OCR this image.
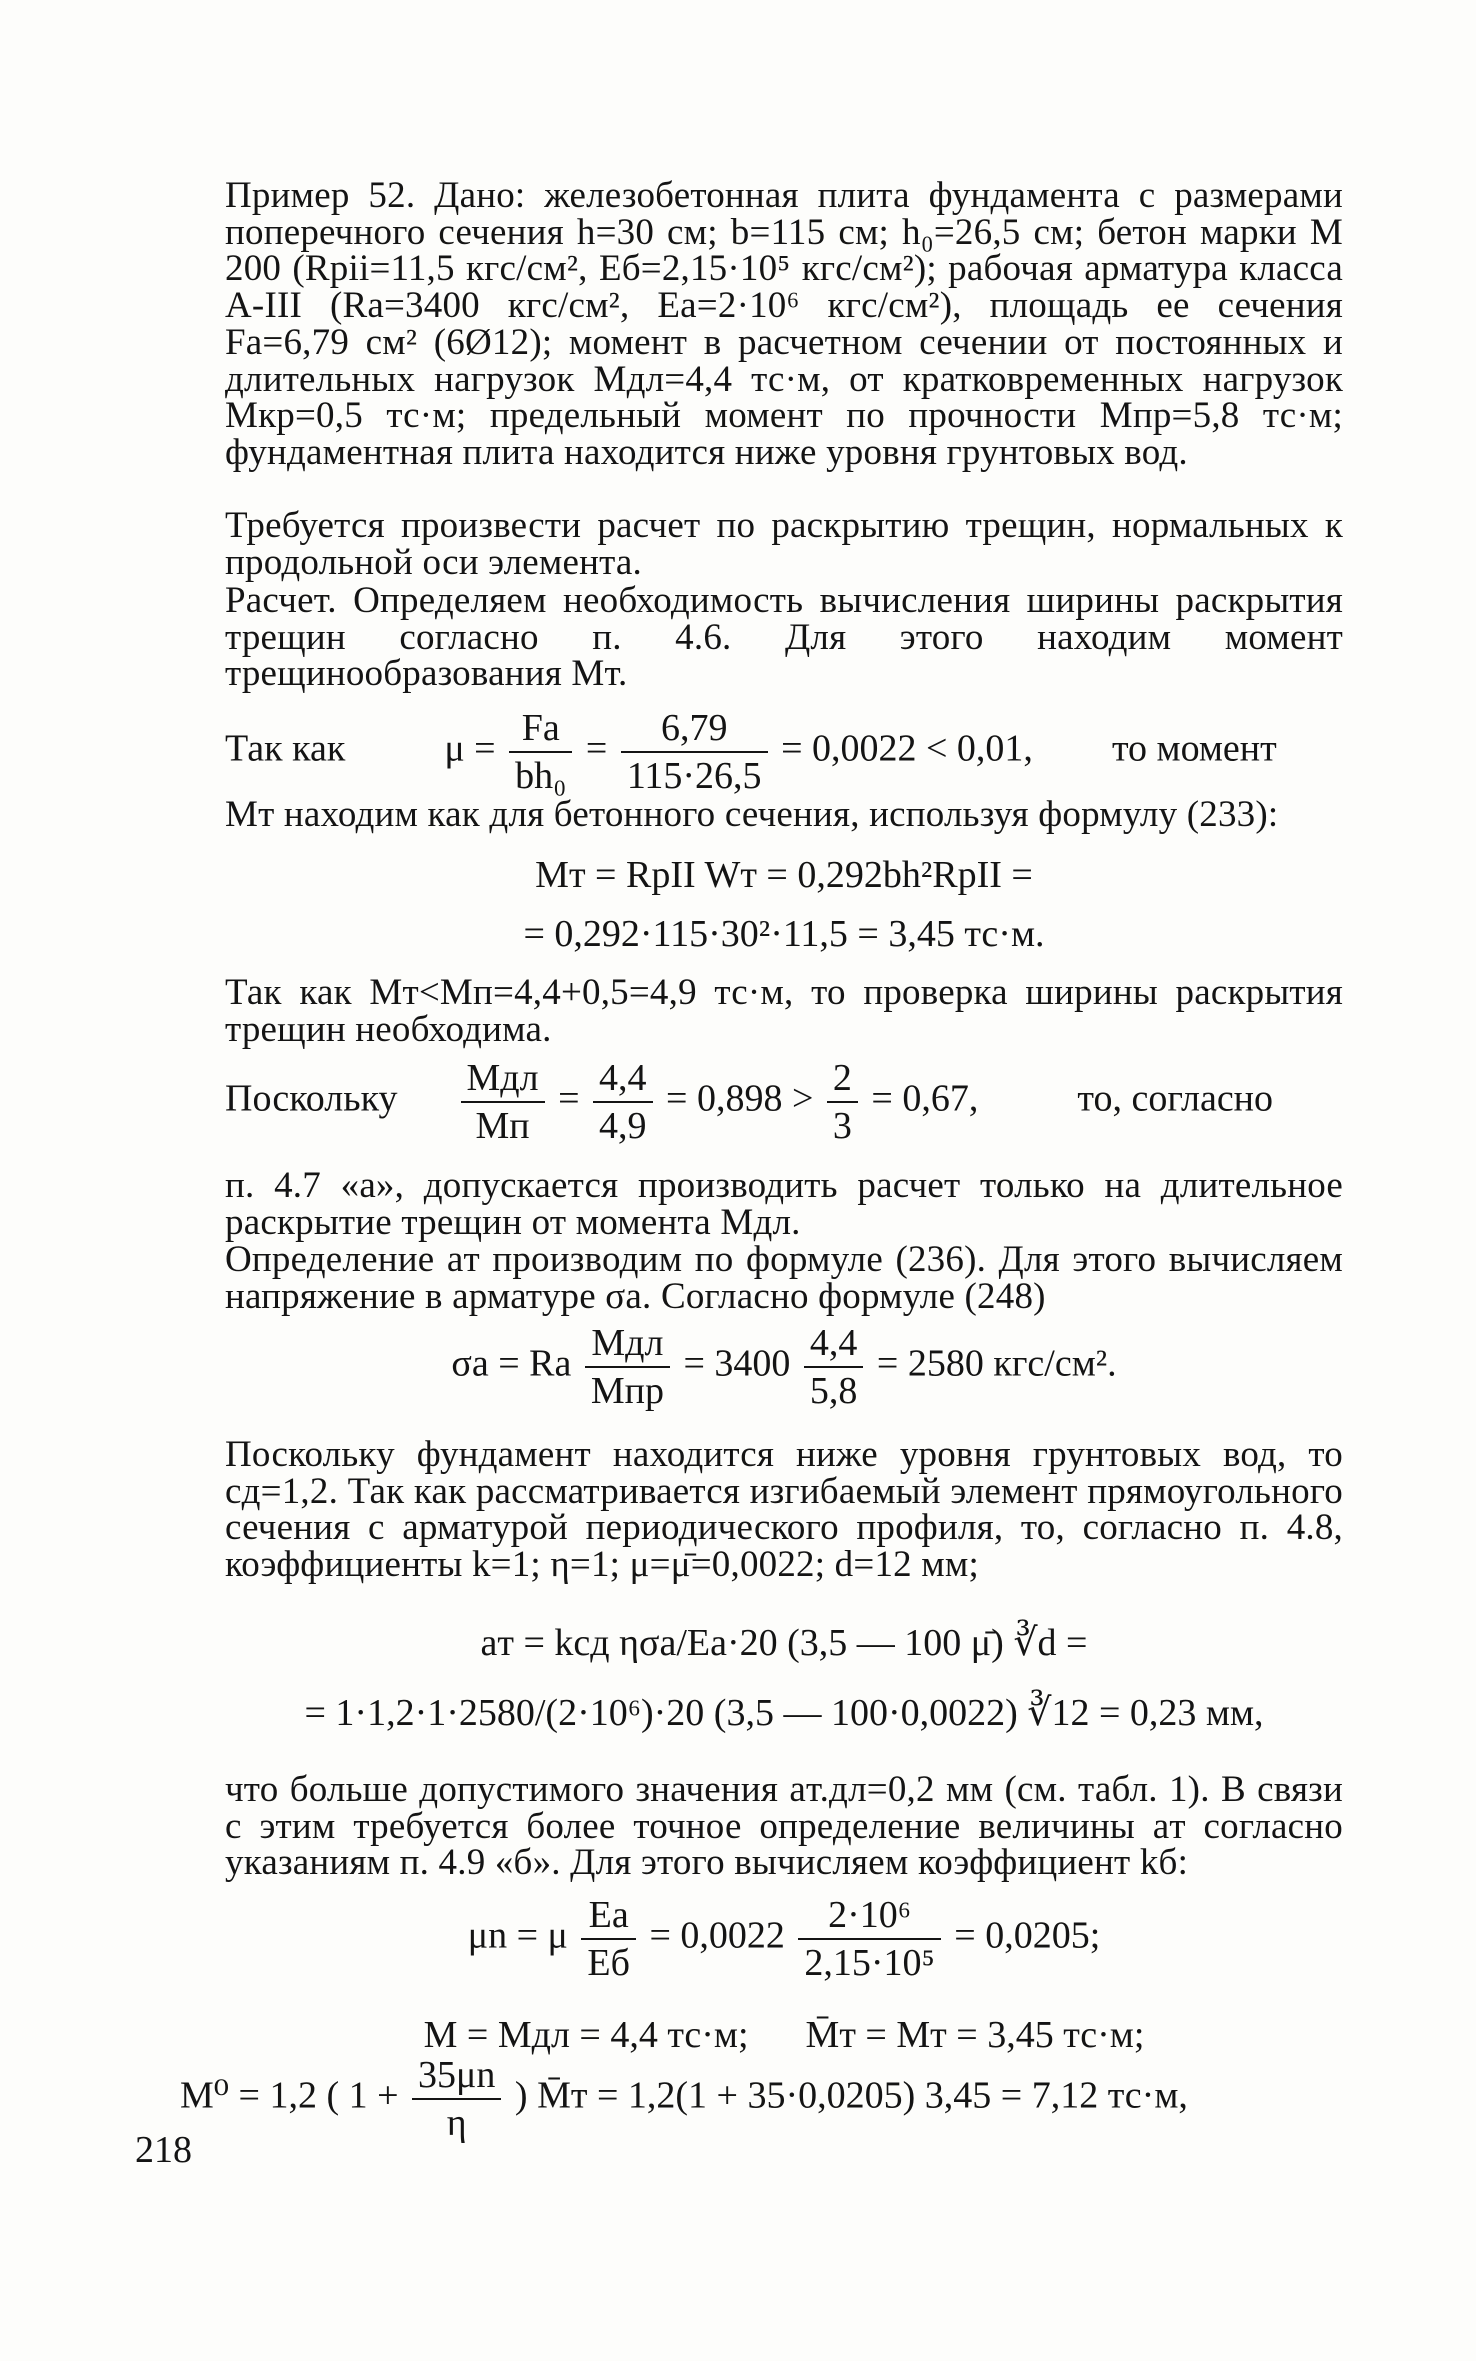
Пример 52. Дано: железобетонная плита фундамента с размерами поперечного сечения h=30 см; b=115 см; h₀=26,5 см; бетон марки М 200 (Rpii=11,5 кгс/см², Eб=2,15·10⁵ кгс/см²); рабочая арматура класса А-III (Ra=3400 кгс/см², Ea=2·10⁶ кгс/см²), площадь ее сечения Fa=6,79 см² (6Ø12); момент в расчетном сечении от постоянных и длительных нагрузок Mдл=4,4 тс·м, от кратковременных нагрузок Mкр=0,5 тс·м; предельный момент по прочности Mпр=5,8 тс·м; фундаментная плита находится ниже уровня грунтовых вод.
Требуется произвести расчет по раскрытию трещин, нормальных к продольной оси элемента.
Расчет. Определяем необходимость вычисления ширины раскрытия трещин согласно п. 4.6. Для этого находим момент трещинообразования Mт.
Так как	$\mu = \frac{Fa}{\text{bh₀}} = \frac{6,79}{115\cdot 26,5} = 0,0022 < 0,01$, то момент
Mт находим как для бетонного сечения, используя формулу (233):
Mт = RpII Wт = 0,292bh²RpII =
= 0,292·115·30²·11,5 = 3,45 тс·м.
Так как Mт<Mп=4,4+0,5=4,9 тс·м, то проверка ширины раскрытия трещин необходима.
Поскольку $\frac{\text{Mдл}}{Mп} = \frac{4,4}{4,9} = 0,898 > \frac{2}{3} = 0,67$,	то, согласно
п. 4.7 «а», допускается производить расчет только на длительное раскрытие трещин от момента Mдл.
Определение aт производим по формуле (236). Для этого вычисляем напряжение в арматуре σa. Согласно формуле (248)
σa = Ra $\frac{\text{Mдл}}{\text{Mпр}} = 3400 \frac{4,4}{5,8} = 2580$ кгс/см².
Поскольку фундамент находится ниже уровня грунтовых вод, то cд=1,2. Так как рассматривается изгибаемый элемент прямоугольного сечения с арматурой периодического профиля, то, согласно п. 4.8, коэффициенты k=1; η=1; μ=μ̄=0,0022; d=12 мм;
aт = kcд ησa/Ea·20 (3,5 — 100 μ̄) ∛d =
= 1·1,2·1·2580/(2·10⁶)·20 (3,5 — 100·0,0022) ∛12 = 0,23 мм,
что больше допустимого значения aт.дл=0,2 мм (см. табл. 1). В связи с этим требуется более точное определение величины aт согласно указаниям п. 4.9 «б». Для этого вычисляем коэффициент kб:
μn = μ $\frac{Ea}{Eб} = 0,0022 \frac{\text{2·10⁶}}{\text{2,15·10⁵}} = 0,0205$;
M = Mдл = 4,4 тс·м;      M̄т = Mт = 3,45 тс·м;
M⁰ = 1,2 ( $1 + \frac{35\mu n}{\eta}$ ) M̄т = 1,2(1 + 35·0,0205) 3,45 = 7,12 тс·м,
218
